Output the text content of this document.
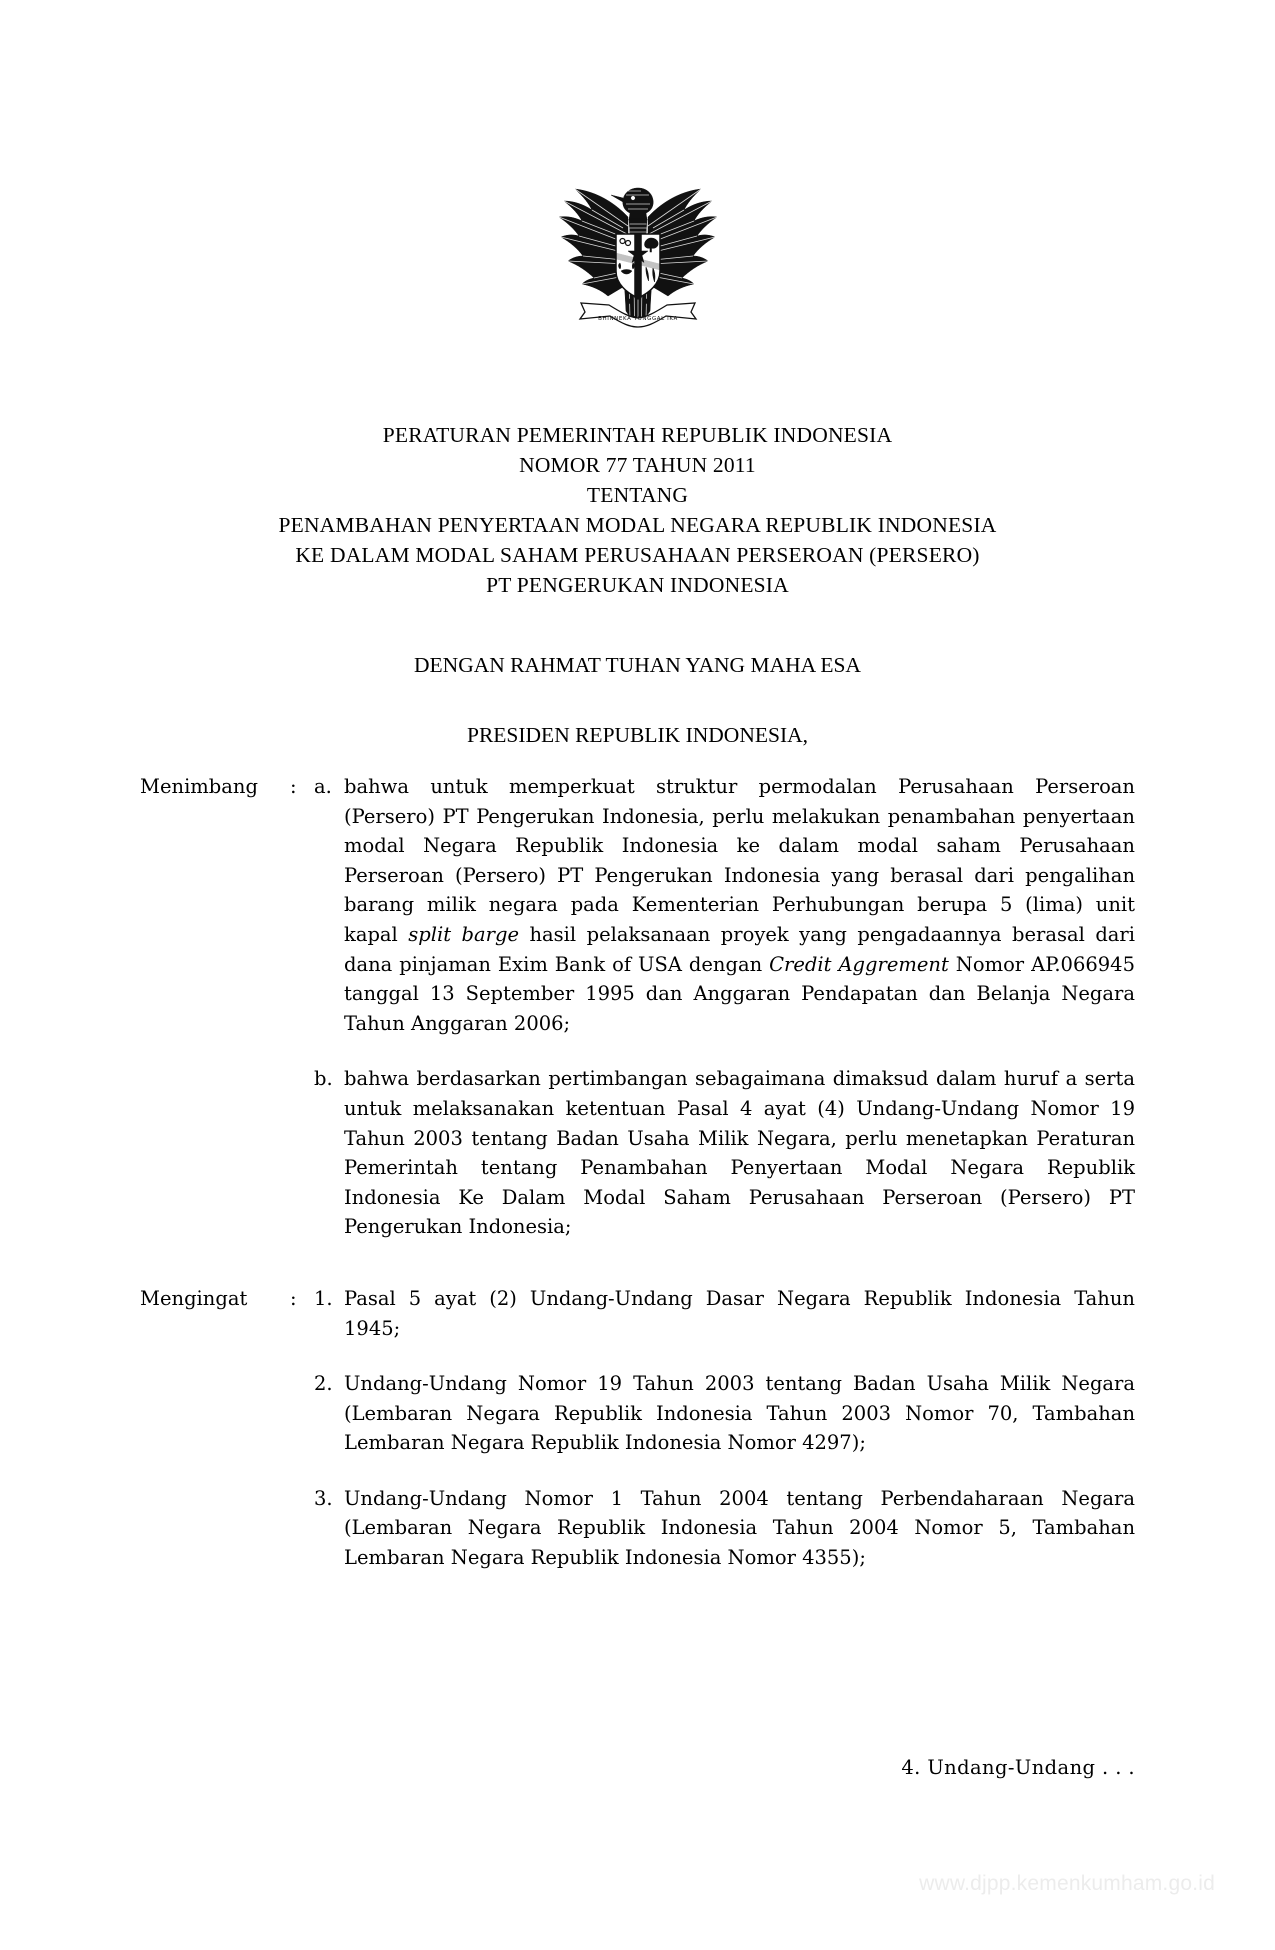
BHINNEKA TUNGGAL IKA
PERATURAN PEMERINTAH REPUBLIK INDONESIA
NOMOR 77 TAHUN 2011
TENTANG
PENAMBAHAN PENYERTAAN MODAL NEGARA REPUBLIK INDONESIA
KE DALAM MODAL SAHAM PERUSAHAAN PERSEROAN (PERSERO)
PT PENGERUKAN INDONESIA
DENGAN RAHMAT TUHAN YANG MAHA ESA
PRESIDEN REPUBLIK INDONESIA,
Menimbang	: a. bahwa untuk memperkuat struktur permodalan Perusahaan Perseroan (Persero) PT Pengerukan Indonesia, perlu melakukan penambahan penyertaan modal Negara Republik Indonesia ke dalam modal saham Perusahaan Perseroan (Persero) PT Pengerukan Indonesia yang berasal dari pengalihan barang milik negara pada Kementerian Perhubungan berupa 5 (lima) unit kapal split barge hasil pelaksanaan proyek yang pengadaannya berasal dari dana pinjaman Exim Bank of USA dengan Credit Aggrement Nomor AP.066945 tanggal 13 September 1995 dan Anggaran Pendapatan dan Belanja Negara Tahun Anggaran 2006;
b. bahwa berdasarkan pertimbangan sebagaimana dimaksud dalam huruf a serta untuk melaksanakan ketentuan Pasal 4 ayat (4) Undang-Undang Nomor 19 Tahun 2003 tentang Badan Usaha Milik Negara, perlu menetapkan Peraturan Pemerintah tentang Penambahan Penyertaan Modal Negara Republik Indonesia Ke Dalam Modal Saham Perusahaan Perseroan (Persero) PT Pengerukan Indonesia;
Mengingat	: 1. Pasal 5 ayat (2) Undang-Undang Dasar Negara Republik Indonesia Tahun 1945;
2. Undang-Undang Nomor 19 Tahun 2003 tentang Badan Usaha Milik Negara (Lembaran Negara Republik Indonesia Tahun 2003 Nomor 70, Tambahan Lembaran Negara Republik Indonesia Nomor 4297);
3. Undang-Undang Nomor 1 Tahun 2004 tentang Perbendaharaan Negara (Lembaran Negara Republik Indonesia Tahun 2004 Nomor 5, Tambahan Lembaran Negara Republik Indonesia Nomor 4355);
4. Undang-Undang . . .
www.djpp.kemenkumham.go.id
